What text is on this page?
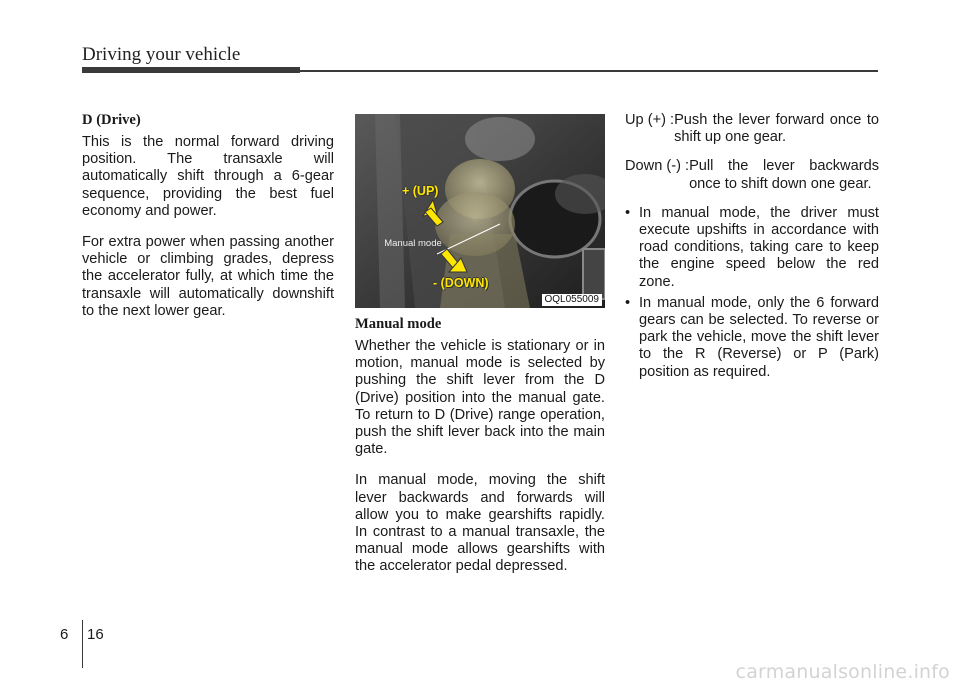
Driving your vehicle
D (Drive)

This is the normal forward driving position. The transaxle will automatically shift through a 6-gear sequence, providing the best fuel economy and power.

For extra power when passing another vehicle or climbing grades, depress the accelerator fully, at which time the transaxle will automatically downshift to the next lower gear.

+ (UP)
- (DOWN)
Manual mode
OQL055009
Manual mode

Whether the vehicle is stationary or in motion, manual mode is selected by pushing the shift lever from the D (Drive) position into the manual gate. To return to D (Drive) range operation, push the shift lever back into the main gate.

In manual mode, moving the shift lever backwards and forwards will allow you to make gearshifts rapidly. In contrast to a manual transaxle, the manual mode allows gearshifts with the accelerator pedal depressed.

Up (+) : Push the lever forward once to shift up one gear.
Down (-) : Pull the lever backwards once to shift down one gear.
• In manual mode, the driver must execute upshifts in accordance with road conditions, taking care to keep the engine speed below the red zone.
• In manual mode, only the 6 forward gears can be selected. To reverse or park the vehicle, move the shift lever to the R (Reverse) or P (Park) position as required.
6 16
carmanualsonline.info
